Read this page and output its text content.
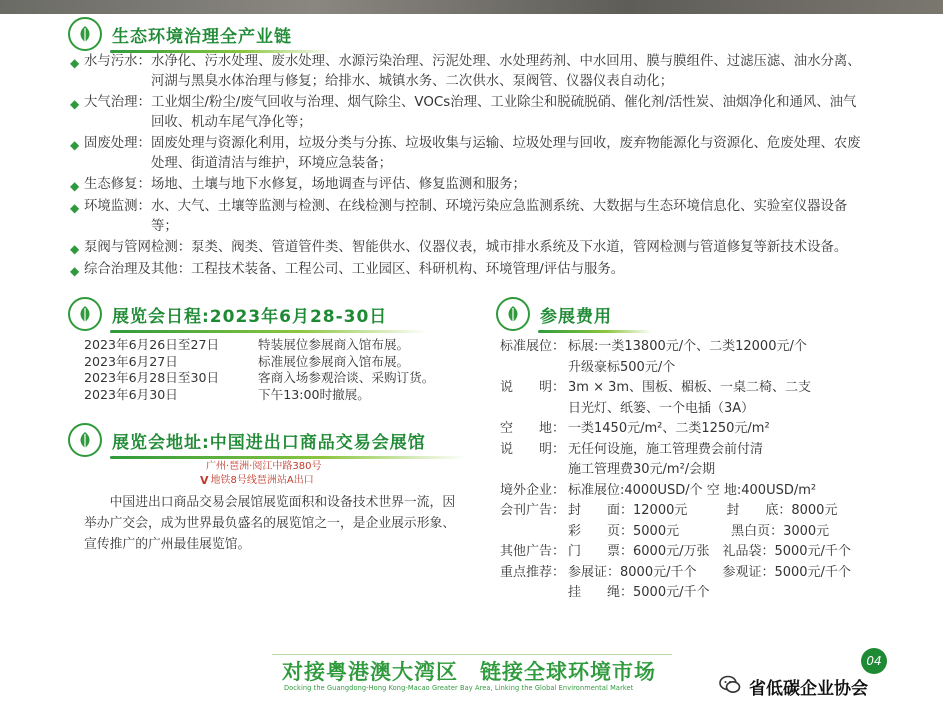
生态环境治理全产业链
◆ 水与污水： 水净化、污水处理、废水处理、水源污染治理、污泥处理、水处理药剂、中水回用、膜与膜组件、过滤压滤、油水分离、河湖与黑臭水体治理与修复；给排水、城镇水务、二次供水、泵阀管、仪器仪表自动化；
◆ 大气治理： 工业烟尘/粉尘/废气回收与治理、烟气除尘、VOCs治理、工业除尘和脱硫脱硝、催化剂/活性炭、油烟净化和通风、油气回收、机动车尾气净化等；
◆ 固废处理： 固废处理与资源化利用，垃圾分类与分拣、垃圾收集与运输、垃圾处理与回收，废弃物能源化与资源化、危废处理、农废处理、街道清洁与维护，环境应急装备；
◆ 生态修复： 场地、土壤与地下水修复，场地调查与评估、修复监测和服务；
◆ 环境监测： 水、大气、土壤等监测与检测、在线检测与控制、环境污染应急监测系统、大数据与生态环境信息化、实验室仪器设备等；
◆ 泵阀与管网检测： 泵类、阀类、管道管件类、智能供水、仪器仪表，城市排水系统及下水道，管网检测与管道修复等新技术设备。
◆ 综合治理及其他： 工程技术装备、工程公司、工业园区、科研机构、环境管理/评估与服务。
展览会日程:2023年6月28-30日
2023年6月26日至27日	特装展位参展商入馆布展。
2023年6月27日	标准展位参展商入馆布展。
2023年6月28日至30日	客商入场参观洽谈、采购订货。
2023年6月30日	下午13:00时撤展。
展览会地址:中国进出口商品交易会展馆
广州·琶洲·阅江中路380号
Ⅴ 地铁8号线琶洲站A出口
中国进出口商品交易会展馆展览面积和设备技术世界一流，因举办广交会，成为世界最负盛名的展览馆之一，是企业展示形象、宣传推广的广州最佳展览馆。
参展费用
标准展位： 标展:一类13800元/个、二类12000元/个
升级豪标500元/个
说　　明： 3m × 3m、围板、楣板、一桌二椅、二支
日光灯、纸篓、一个电插（3A）
空　　地： 一类1450元/m²、二类1250元/m²
说　　明： 无任何设施，施工管理费会前付清
施工管理费30元/m²/会期
境外企业： 标准展位:4000USD/个 空 地:400USD/m²
会刊广告： 封　　面：12000元　　　封　　底：8000元
彩　　页：5000元　　　　黑白页：3000元
其他广告： 门　　票：6000元/万张　礼品袋：5000元/千个
重点推荐： 参展证：8000元/千个　　参观证：5000元/千个
挂　　绳：5000元/千个
对接粤港澳大湾区　链接全球环境市场
Docking the Guangdong-Hong Kong-Macao Greater Bay Area, Linking the Global Environmental Market
04
省低碳企业协会
